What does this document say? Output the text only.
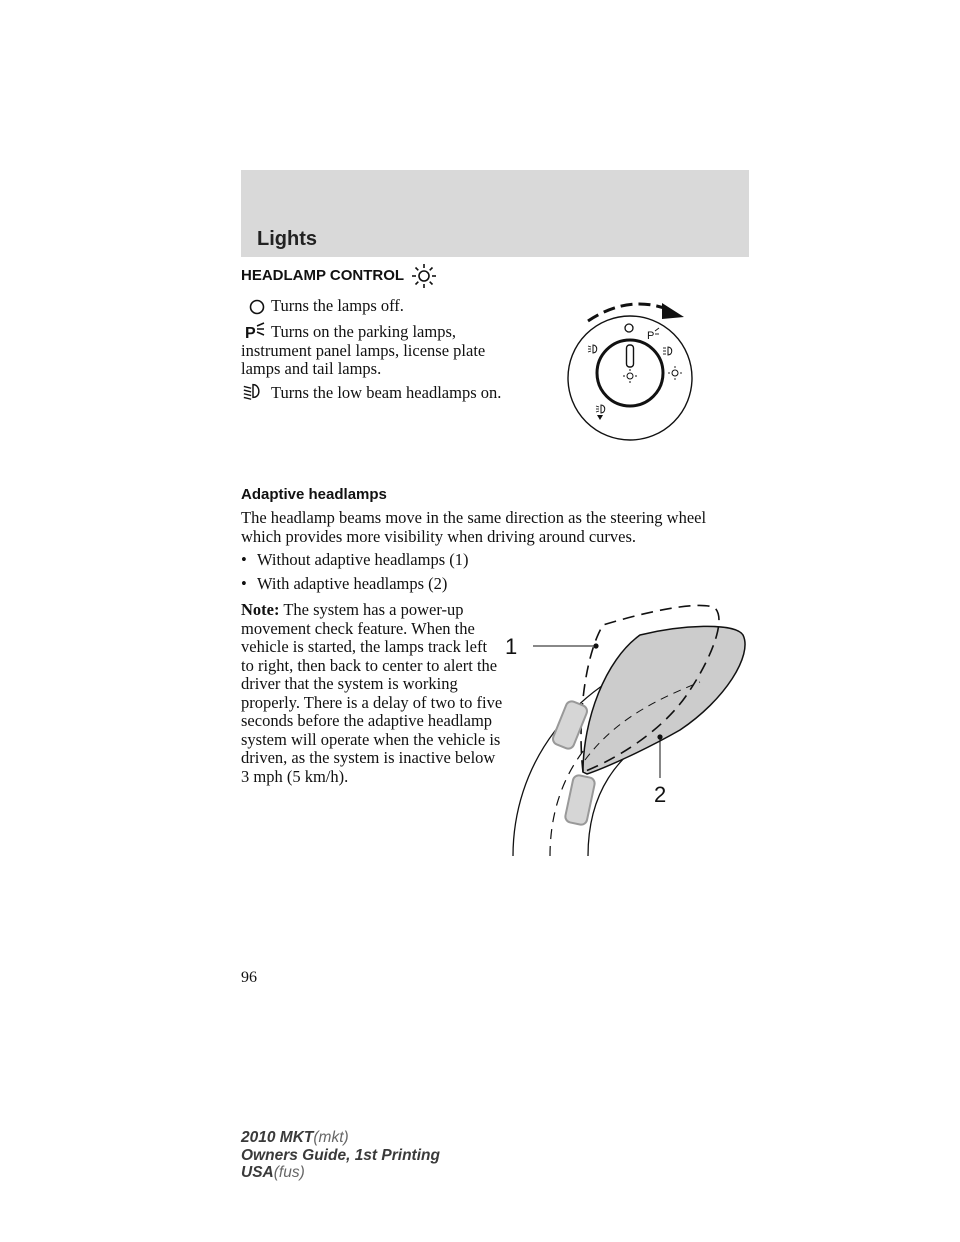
Lights
HEADLAMP CONTROL
Turns the lamps off.
P Turns on the parking lamps, instrument panel lamps, license plate lamps and tail lamps.
Turns the low beam headlamps on.
P
Adaptive headlamps
The headlamp beams move in the same direction as the steering wheel which provides more visibility when driving around curves.
• Without adaptive headlamps (1)
• With adaptive headlamps (2)
Note: The system has a power-up movement check feature. When the vehicle is started, the lamps track left to right, then back to center to alert the driver that the system is working properly. There is a delay of two to five seconds before the adaptive headlamp system will operate when the vehicle is driven, as the system is inactive below 3 mph (5 km/h).
1
2
96
2010 MKT(mkt)
Owners Guide, 1st Printing
USA(fus)
